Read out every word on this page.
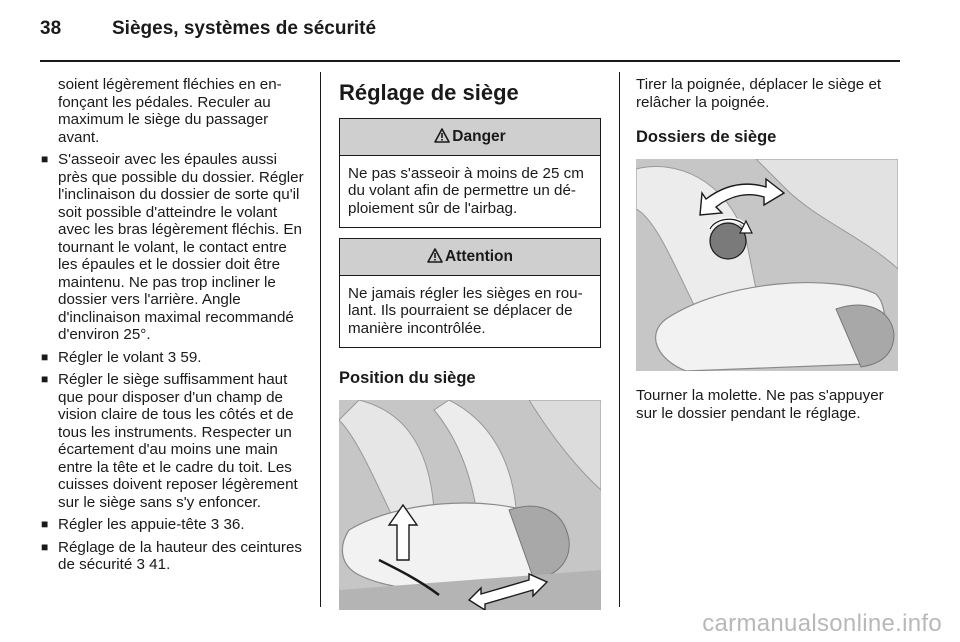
38	Sièges, systèmes de sécurité

soient légèrement fléchies en enfonçant les pédales. Reculer au maximum le siège du passager avant.

■ S'asseoir avec les épaules aussi près que possible du dossier. Régler l'inclinaison du dossier de sorte qu'il soit possible d'atteindre le volant avec les bras légèrement fléchis. En tournant le volant, le contact entre les épaules et le dossier doit être maintenu. Ne pas trop incliner le dossier vers l'arrière. Angle d'inclinaison maximal recommandé d'environ 25°.
■ Régler le volant 3 59.
■ Régler le siège suffisamment haut que pour disposer d'un champ de vision claire de tous les côtés et de tous les instruments. Respecter un écartement d'au moins une main entre la tête et le cadre du toit. Les cuisses doivent reposer légèrement sur le siège sans s'y enfoncer.
■ Régler les appuie-tête 3 36.
■ Réglage de la hauteur des ceintures de sécurité 3 41.
Réglage de siège
Danger
Ne pas s'asseoir à moins de 25 cm du volant afin de permettre un déploiement sûr de l'airbag.
Attention
Ne jamais régler les sièges en roulant. Ils pourraient se déplacer de manière incontrôlée.
Position du siège

Tirer la poignée, déplacer le siège et relâcher la poignée.

Dossiers de siège

Tourner la molette. Ne pas s'appuyer sur le dossier pendant le réglage.

carmanualsonline.info
